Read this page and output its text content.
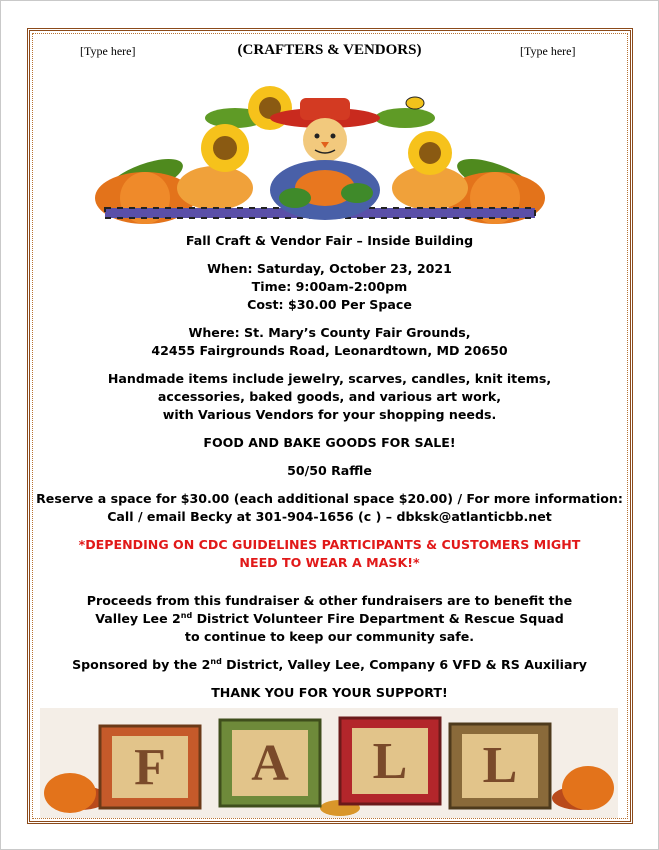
[Type here]	(CRAFTERS & VENDORS)	[Type here]

Fall Craft & Vendor Fair – Inside Building

When: Saturday, October 23, 2021

Time: 9:00am-2:00pm

Cost: $30.00 Per Space

Where: St. Mary’s County Fair Grounds,

42455 Fairgrounds Road, Leonardtown, MD 20650

Handmade items include jewelry, scarves, candles, knit items,

accessories, baked goods, and various art work,

with Various Vendors for your shopping needs.

FOOD AND BAKE GOODS FOR SALE!

50/50 Raffle

Reserve a space for $30.00 (each additional space $20.00) / For more information:

Call / email Becky at 301-904-1656 (c ) – dbksk@atlanticbb.net

*DEPENDING ON CDC GUIDELINES PARTICIPANTS & CUSTOMERS MIGHT

NEED TO WEAR A MASK!*

Proceeds from this fundraiser & other fundraisers are to benefit the

Valley Lee 2nd District Volunteer Fire Department & Rescue Squad

to continue to keep our community safe.

Sponsored by the 2nd District, Valley Lee, Company 6 VFD & RS Auxiliary

THANK YOU FOR YOUR SUPPORT!

F A L L
